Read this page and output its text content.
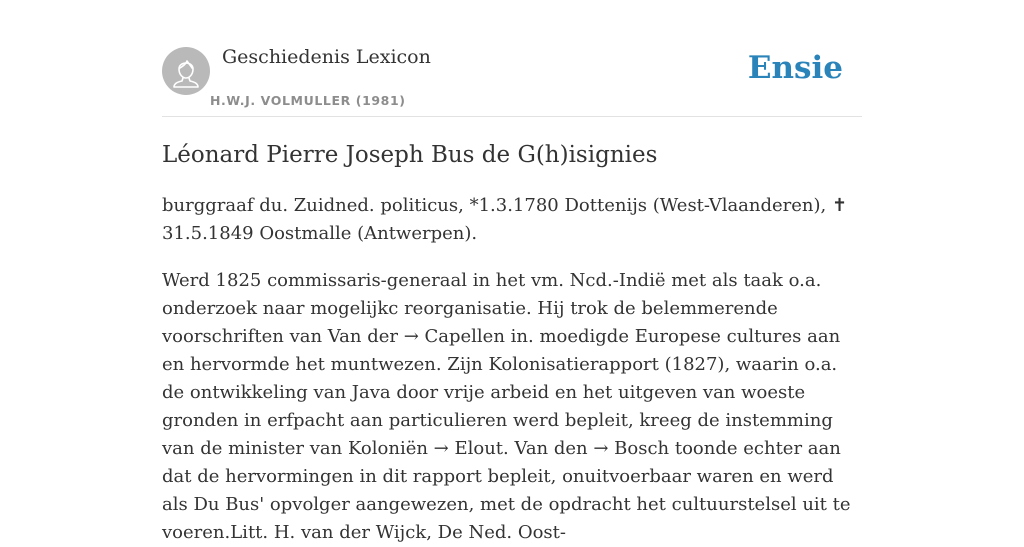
Geschiedenis Lexicon
H.W.J. VOLMULLER (1981)
Ensie
Léonard Pierre Joseph Bus de G(h)isignies

burggraaf du. Zuidned. politicus, *1.3.1780 Dottenijs (West-Vlaanderen), ✝ 31.5.1849 Oostmalle (Antwerpen).

Werd 1825 commissaris-generaal in het vm. Ncd.-Indië met als taak o.a. onderzoek naar mogelijkc reorganisatie. Hij trok de belemmerende voorschriften van Van der → Capellen in. moedigde Europese cultures aan en hervormde het muntwezen. Zijn Kolonisatierapport (1827), waarin o.a. de ontwikkeling van Java door vrije arbeid en het uitgeven van woeste gronden in erfpacht aan particulieren werd bepleit, kreeg de instemming van de minister van Koloniën → Elout. Van den → Bosch toonde echter aan dat de hervormingen in dit rapport bepleit, onuitvoerbaar waren en werd als Du Bus' opvolger aangewezen, met de opdracht het cultuurstelsel uit te voeren.Litt. H. van der Wijck, De Ned. Oost-
